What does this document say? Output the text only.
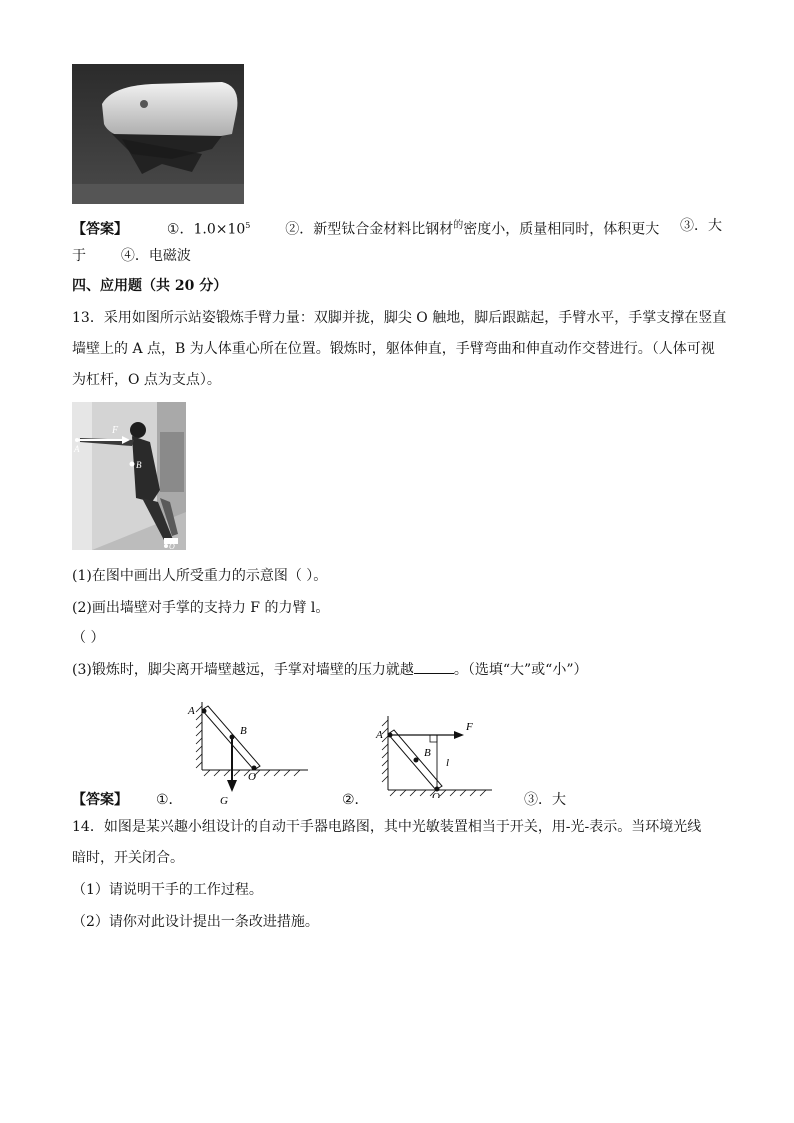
【答案】	①．$1.0\times 10^5$ ②．新型钛合金材料比钢材$^的$密度小，质量相同时，体积更大 ③．大
于 ④．电磁波
四、应用题（共 20 分）
13．采用如图所示站姿锻炼手臂力量：双脚并拢，脚尖 O 触地，脚后跟踮起，手臂水平，手掌支撑在竖直
墙壁上的 A 点，B 为人体重心所在位置。锻炼时，躯体伸直，手臂弯曲和伸直动作交替进行。（人体可视
为杠杆，O 点为支点）。
F
A
B
O
(1)在图中画出人所受重力的示意图（ ）。
(2)画出墙壁对手掌的支持力 F 的力臂 l。
（ ）
(3)锻炼时，脚尖离开墙壁越远，手掌对墙壁的压力就越	。（选填“大”或“小”）
A
B
O
G
A
B
O
F
l
【答案】 ①．	②．	③．大
14．如图是某兴趣小组设计的自动干手器电路图，其中光敏装置相当于开关，用-光-表示。当环境光线
暗时，开关闭合。
（1）请说明干手的工作过程。
（2）请你对此设计提出一条改进措施。
